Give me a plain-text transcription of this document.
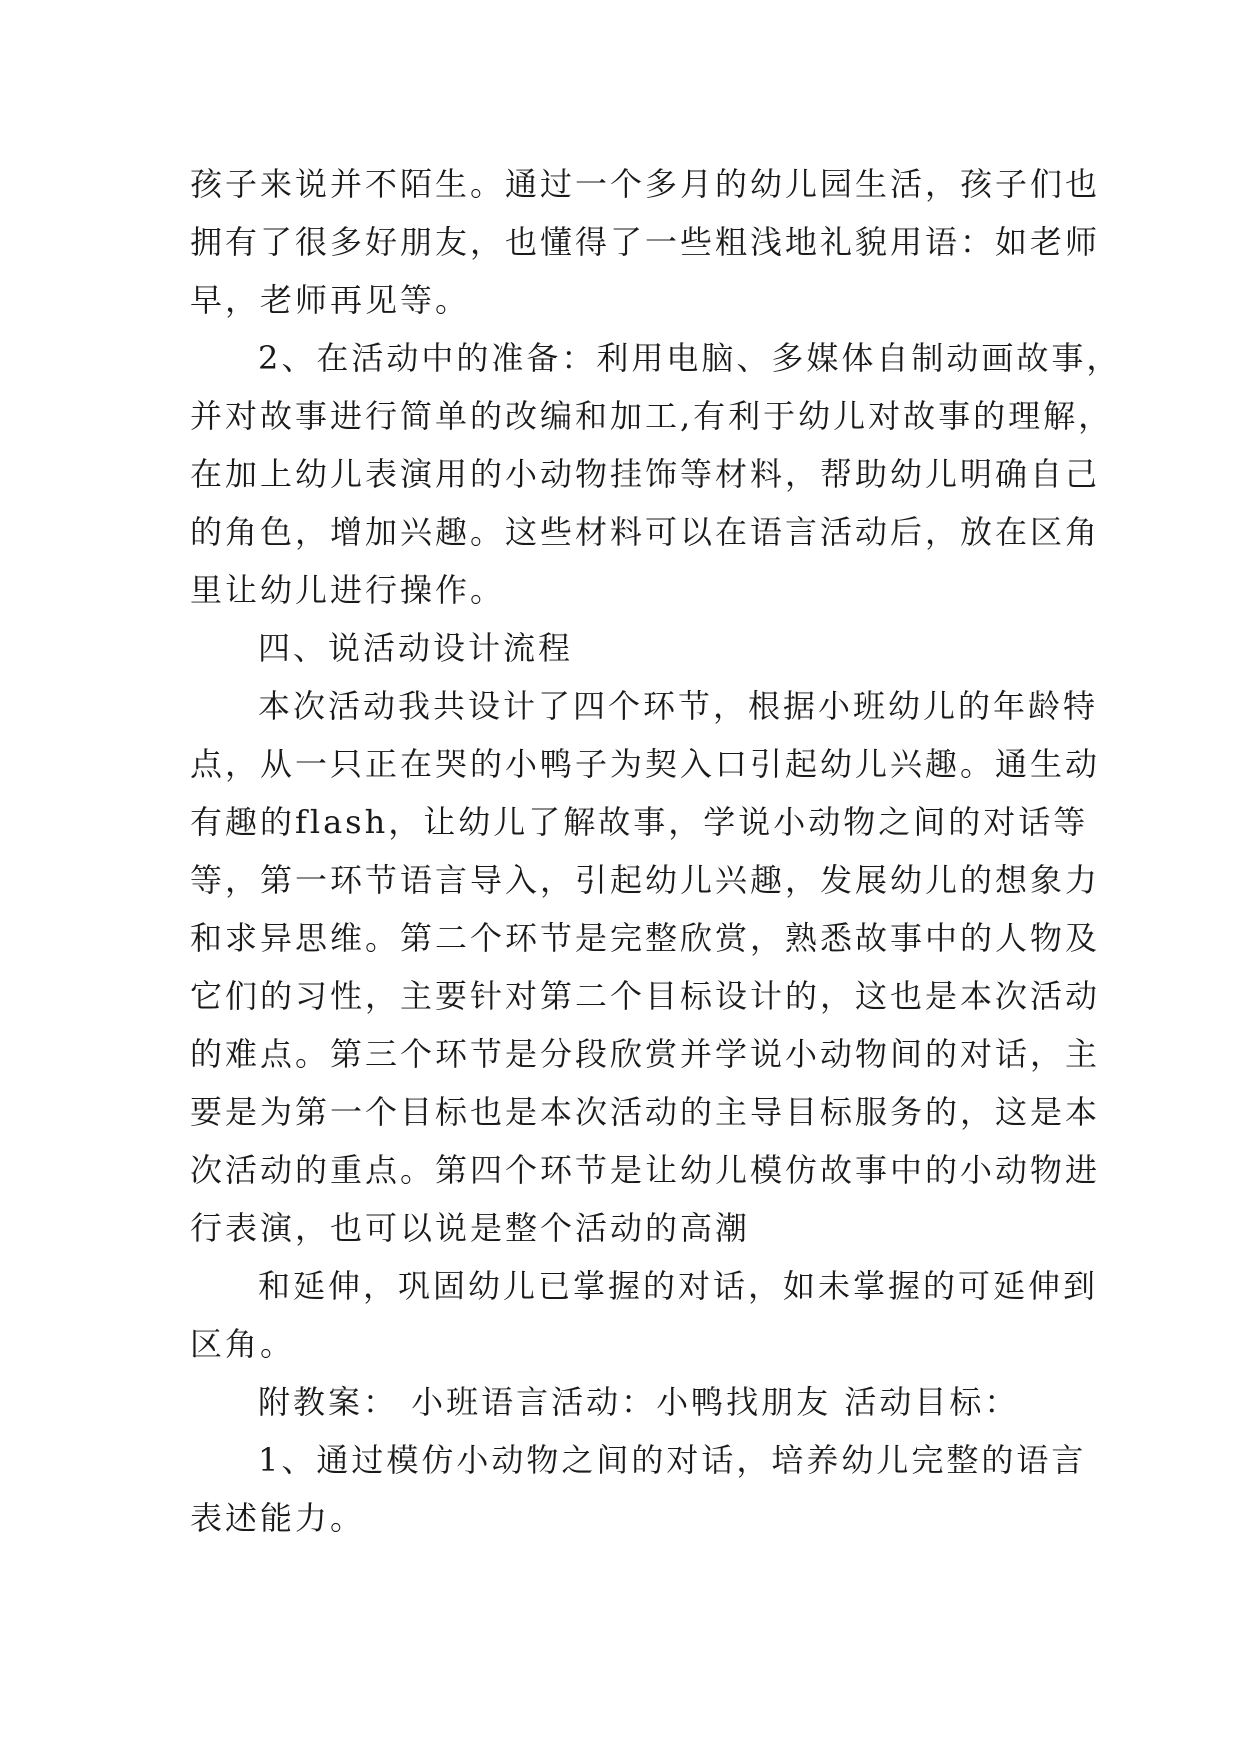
孩子来说并不陌生。通过一个多月的幼儿园生活，孩子们也
拥有了很多好朋友，也懂得了一些粗浅地礼貌用语：如老师
早，老师再见等。
2、在活动中的准备：利用电脑、多媒体自制动画故事，
并对故事进行简单的改编和加工,有利于幼儿对故事的理解，
在加上幼儿表演用的小动物挂饰等材料，帮助幼儿明确自己
的角色，增加兴趣。这些材料可以在语言活动后，放在区角
里让幼儿进行操作。
四、说活动设计流程
本次活动我共设计了四个环节，根据小班幼儿的年龄特
点，从一只正在哭的小鸭子为契入口引起幼儿兴趣。通生动
有趣的flash，让幼儿了解故事，学说小动物之间的对话等
等，第一环节语言导入，引起幼儿兴趣，发展幼儿的想象力
和求异思维。第二个环节是完整欣赏，熟悉故事中的人物及
它们的习性，主要针对第二个目标设计的，这也是本次活动
的难点。第三个环节是分段欣赏并学说小动物间的对话，主
要是为第一个目标也是本次活动的主导目标服务的，这是本
次活动的重点。第四个环节是让幼儿模仿故事中的小动物进
行表演，也可以说是整个活动的高潮
和延伸，巩固幼儿已掌握的对话，如未掌握的可延伸到
区角。
附教案： 小班语言活动：小鸭找朋友 活动目标：
1、通过模仿小动物之间的对话，培养幼儿完整的语言
表述能力。
